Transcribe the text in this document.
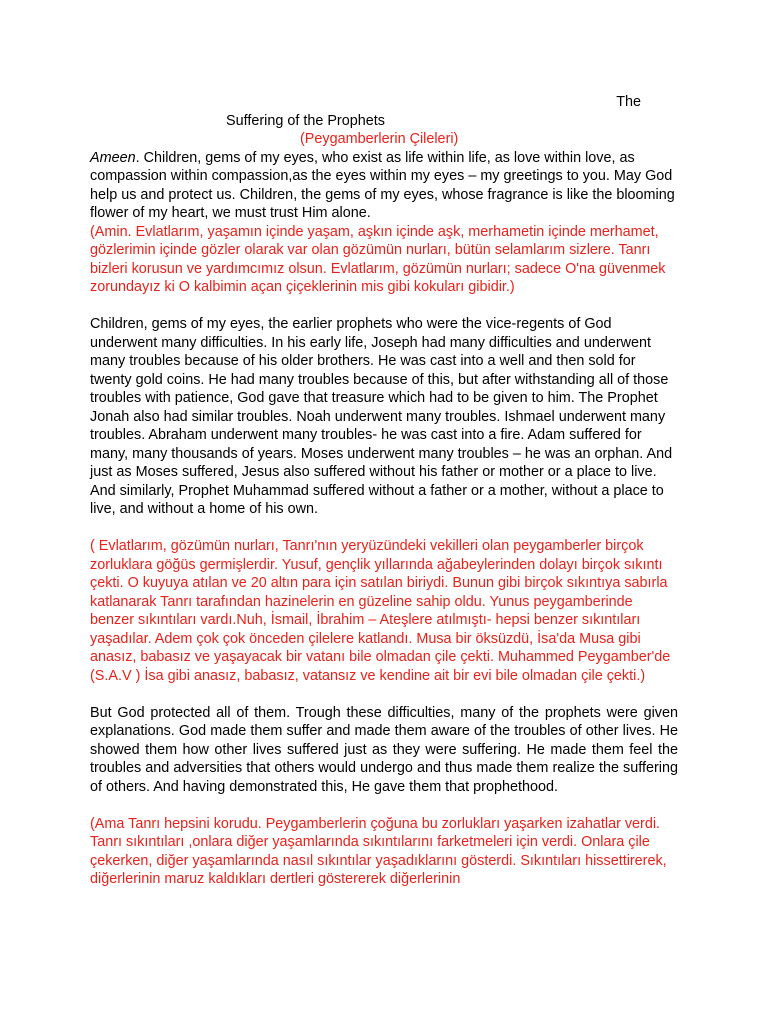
The
Suffering of the Prophets
(Peygamberlerin Çileleri)

Ameen. Children, gems of my eyes, who exist as life within life, as love within love, as compassion within compassion,as the eyes within my eyes – my greetings to you. May God help us and protect us. Children, the gems of my eyes, whose fragrance is like the blooming flower of my heart, we must trust Him alone.

(Amin. Evlatlarım, yaşamın içinde yaşam, aşkın içinde aşk, merhametin içinde merhamet, gözlerimin içinde gözler olarak var olan gözümün nurları, bütün selamlarım sizlere. Tanrı bizleri korusun ve yardımcımız olsun. Evlatlarım, gözümün nurları; sadece O'na güvenmek zorundayız ki O kalbimin açan çiçeklerinin mis gibi kokuları gibidir.)

Children, gems of my eyes, the earlier prophets who were the vice-regents of God underwent many difficulties. In his early life, Joseph had many difficulties and underwent many troubles because of his older brothers. He was cast into a well and then sold for twenty gold coins. He had many troubles because of this, but after withstanding all of those troubles with patience, God gave that treasure which had to be given to him. The Prophet Jonah also had similar troubles. Noah underwent many troubles. Ishmael underwent many troubles. Abraham underwent many troubles- he was cast into a fire. Adam suffered for many, many thousands of years. Moses underwent many troubles – he was an orphan. And just as Moses suffered, Jesus also suffered without his father or mother or a place to live. And similarly, Prophet Muhammad suffered without a father or a mother, without a place to live, and without a home of his own.

( Evlatlarım, gözümün nurları, Tanrı'nın yeryüzündeki vekilleri olan peygamberler birçok zorluklara göğüs germişlerdir. Yusuf, gençlik yıllarında ağabeylerinden dolayı birçok sıkıntı çekti. O kuyuya atılan ve 20 altın para için satılan biriydi. Bunun gibi birçok sıkıntıya sabırla katlanarak Tanrı tarafından hazinelerin en güzeline sahip oldu. Yunus peygamberinde benzer sıkıntıları vardı.Nuh, İsmail, İbrahim – Ateşlere atılmıştı- hepsi benzer sıkıntıları yaşadılar. Adem çok çok önceden çilelere katlandı. Musa bir öksüzdü, İsa'da Musa gibi anasız, babasız ve yaşayacak bir vatanı bile olmadan çile çekti. Muhammed Peygamber'de (S.A.V ) İsa gibi anasız, babasız, vatansız ve kendine ait bir evi bile olmadan çile çekti.)

But God protected all of them. Trough these difficulties, many of the prophets were given explanations. God made them suffer and made them aware of the troubles of other lives. He showed them how other lives suffered just as they were suffering. He made them feel the troubles and adversities that others would undergo and thus made them realize the suffering of others. And having demonstrated this, He gave them that prophethood.

(Ama Tanrı hepsini korudu. Peygamberlerin çoğuna bu zorlukları yaşarken izahatlar verdi. Tanrı sıkıntıları ,onlara diğer yaşamlarında sıkıntılarını farketmeleri için verdi. Onlara çile çekerken, diğer yaşamlarında nasıl sıkıntılar yaşadıklarını gösterdi. Sıkıntıları hissettirerek, diğerlerinin maruz kaldıkları dertleri göstererek diğerlerinin
